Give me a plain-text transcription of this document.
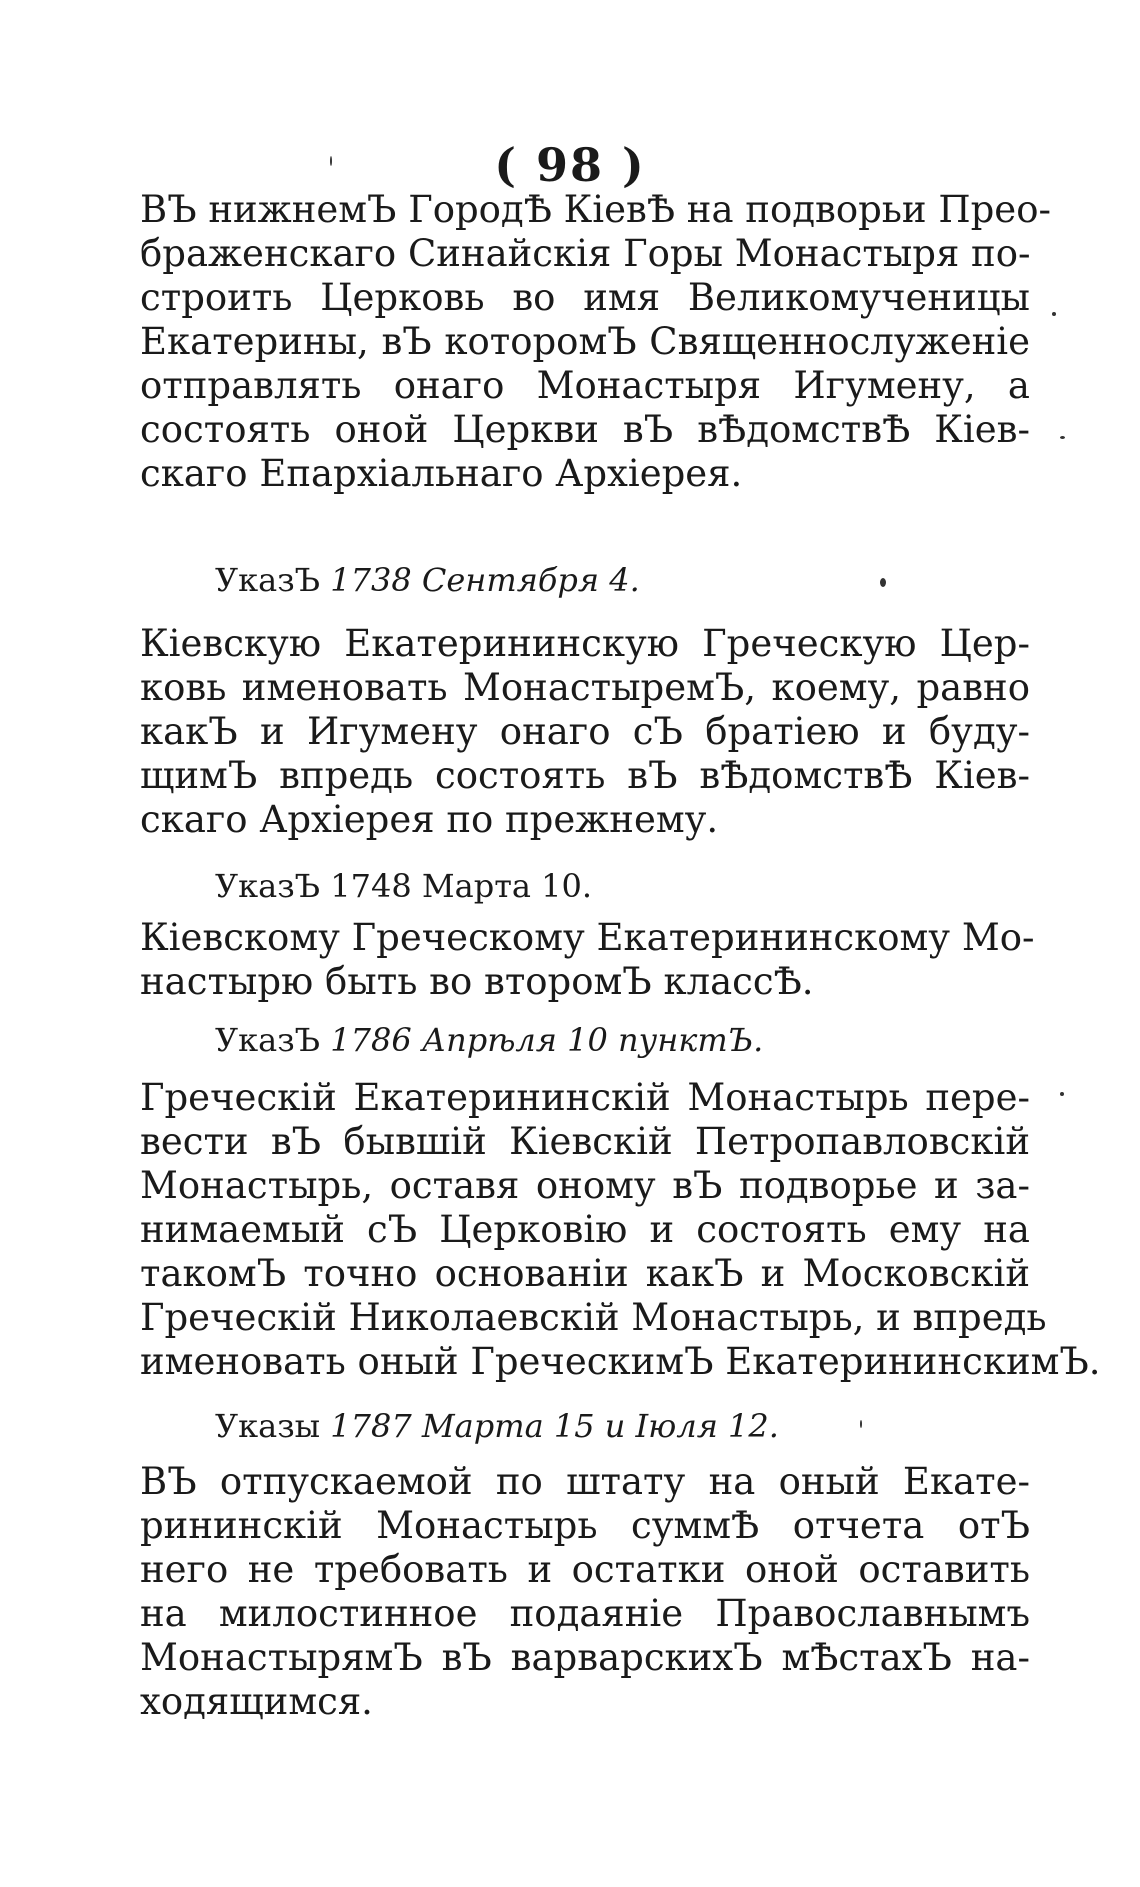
( 98 )
ВЪ нижнемЪ ГородѢ КiевѢ на подворьи Прео-
браженскаго Синайскiя Горы Монастыря по-
строить Церковь во имя Великомученицы
Екатерины, вЪ которомЪ Священнослуженiе
отправлять онаго Монастыря Игумену, а
состоять оной Церкви вЪ вѢдомствѢ Кiев-
скаго Епархiальнаго Архiерея.
УказЪ 1738 Сентября 4.
Кiевскую Екатерининскую Греческую Цер-
ковь именовать МонастыремЪ, коему, равно
какЪ и Игумену онаго сЪ братiею и буду-
щимЪ впредь состоять вЪ вѢдомствѢ Кiев-
скаго Архiерея по прежнему.
УказЪ 1748 Марта 10.
Кiевскому Греческому Екатерининскому Мо-
настырю быть во второмЪ классѢ.
УказЪ 1786 Апрѣля 10 пунктЪ.
Греческiй Екатерининскiй Монастырь пере-
вести вЪ бывшiй Кiевскiй Петропавловскiй
Монастырь, оставя оному вЪ подворье и за-
нимаемый сЪ Церковiю и состоять ему на
такомЪ точно основанiи какЪ и Московскiй
Греческiй Николаевскiй Монастырь, и впредь
именовать оный ГреческимЪ ЕкатерининскимЪ.
Указы 1787 Марта 15 и Iюля 12.
ВЪ отпускаемой по штату на оный Екате-
рининскiй Монастырь суммѢ отчета отЪ
него не требовать и остатки оной оставить
на милостинное подаянiе Православнымъ
МонастырямЪ вЪ варварскихЪ мѢстахЪ на-
ходящимся.
